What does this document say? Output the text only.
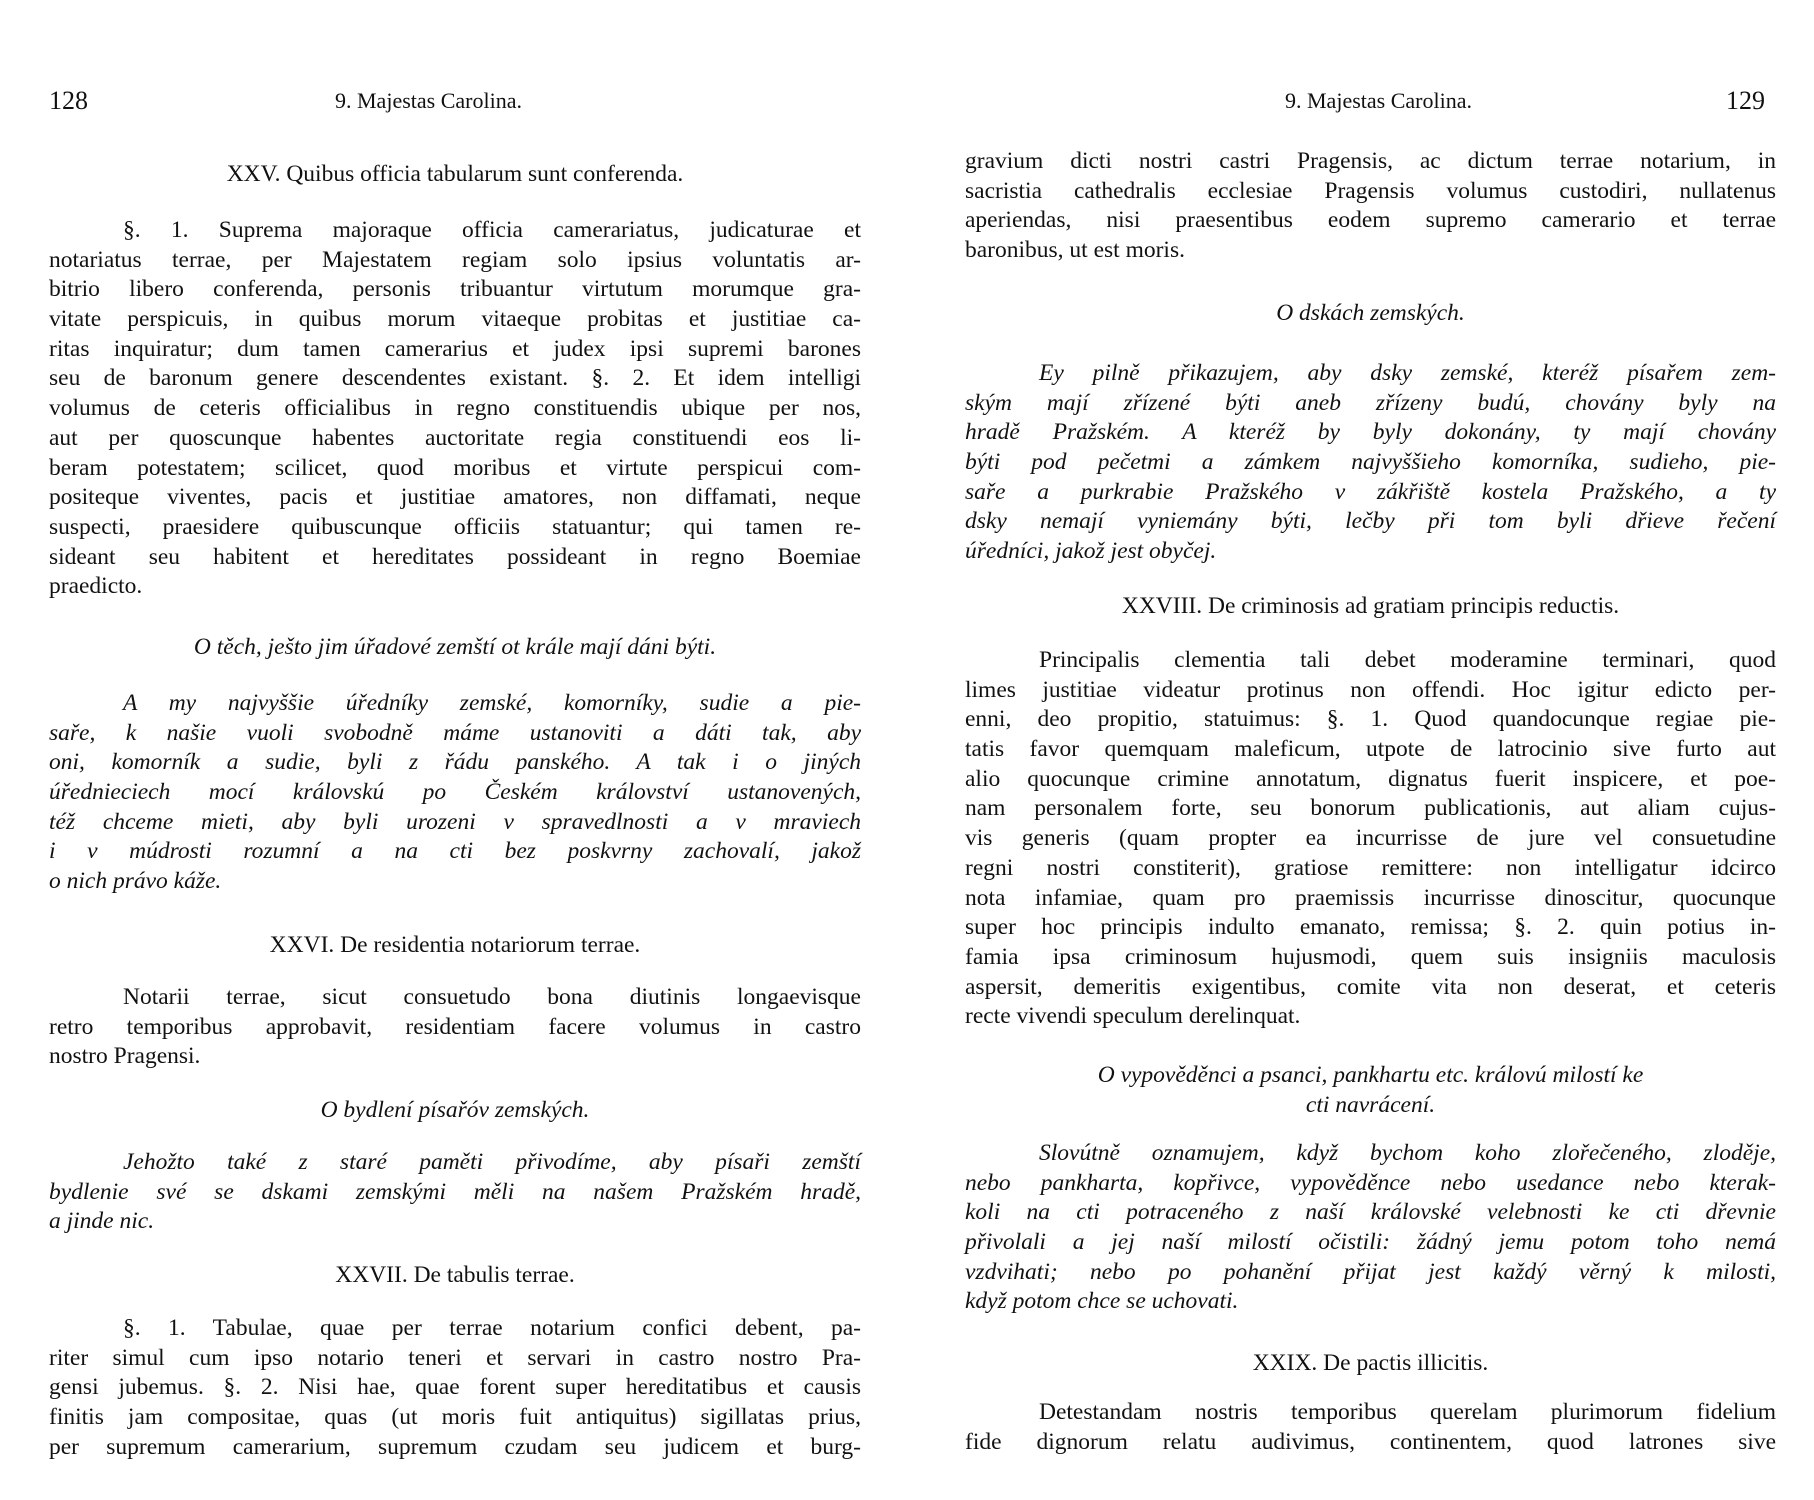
128	9. Majestas Carolina.
XXV. Quibus officia tabularum sunt conferenda.
§. 1. Suprema majoraque officia camerariatus, judicaturae et
notariatus terrae, per Majestatem regiam solo ipsius voluntatis ar-
bitrio libero conferenda, personis tribuantur virtutum morumque gra-
vitate perspicuis, in quibus morum vitaeque probitas et justitiae ca-
ritas inquiratur; dum tamen camerarius et judex ipsi supremi barones
seu de baronum genere descendentes existant. §. 2. Et idem intelligi
volumus de ceteris officialibus in regno constituendis ubique per nos,
aut per quoscunque habentes auctoritate regia constituendi eos li-
beram potestatem; scilicet, quod moribus et virtute perspicui com-
positeque viventes, pacis et justitiae amatores, non diffamati, neque
suspecti, praesidere quibuscunque officiis statuantur; qui tamen re-
sideant seu habitent et hereditates possideant in regno Boemiae
praedicto.
O těch, ješto jim úřadové zemští ot krále mají dáni býti.
A my najvyššie úředníky zemské, komorníky, sudie a pie-
saře, k našie vuoli svobodně máme ustanoviti a dáti tak, aby
oni, komorník a sudie, byli z řádu panského. A tak i o jiných
úřednieciech mocí královskú po Českém království ustanovených,
též chceme mieti, aby byli urozeni v spravedlnosti a v mraviech
i v múdrosti rozumní a na cti bez poskvrny zachovalí, jakož
o nich právo káže.
XXVI. De residentia notariorum terrae.
Notarii terrae, sicut consuetudo bona diutinis longaevisque
retro temporibus approbavit, residentiam facere volumus in castro
nostro Pragensi.
O bydlení písařóv zemských.
Jehožto také z staré paměti přivodíme, aby písaři zemští
bydlenie své se dskami zemskými měli na našem Pražském hradě,
a jinde nic.
XXVII. De tabulis terrae.
§. 1. Tabulae, quae per terrae notarium confici debent, pa-
riter simul cum ipso notario teneri et servari in castro nostro Pra-
gensi jubemus. §. 2. Nisi hae, quae forent super hereditatibus et causis
finitis jam compositae, quas (ut moris fuit antiquitus) sigillatas prius,
per supremum camerarium, supremum czudam seu judicem et burg-
9. Majestas Carolina.	129
gravium dicti nostri castri Pragensis, ac dictum terrae notarium, in
sacristia cathedralis ecclesiae Pragensis volumus custodiri, nullatenus
aperiendas, nisi praesentibus eodem supremo camerario et terrae
baronibus, ut est moris.
O dskách zemských.
Ey pilně přikazujem, aby dsky zemské, kteréž písařem zem-
ským mají zřízené býti aneb zřízeny budú, chovány byly na
hradě Pražském. A kteréž by byly dokonány, ty mají chovány
býti pod pečetmi a zámkem najvyššieho komorníka, sudieho, pie-
saře a purkrabie Pražského v zákřiště kostela Pražského, a ty
dsky nemají vyniemány býti, lečby při tom byli dřieve řečení
úředníci, jakož jest obyčej.
XXVIII. De criminosis ad gratiam principis reductis.
Principalis clementia tali debet moderamine terminari, quod
limes justitiae videatur protinus non offendi. Hoc igitur edicto per-
enni, deo propitio, statuimus: §. 1. Quod quandocunque regiae pie-
tatis favor quemquam maleficum, utpote de latrocinio sive furto aut
alio quocunque crimine annotatum, dignatus fuerit inspicere, et poe-
nam personalem forte, seu bonorum publicationis, aut aliam cujus-
vis generis (quam propter ea incurrisse de jure vel consuetudine
regni nostri constiterit), gratiose remittere: non intelligatur idcirco
nota infamiae, quam pro praemissis incurrisse dinoscitur, quocunque
super hoc principis indulto emanato, remissa; §. 2. quin potius in-
famia ipsa criminosum hujusmodi, quem suis insigniis maculosis
aspersit, demeritis exigentibus, comite vita non deserat, et ceteris
recte vivendi speculum derelinquat.
O vypověděnci a psanci, pankhartu etc. královú milostí ke
cti navrácení.
Slovútně oznamujem, když bychom koho zlořečeného, zloděje,
nebo pankharta, kopřivce, vypověděnce nebo usedance nebo kterak-
koli na cti potraceného z naší královské velebnosti ke cti dřevnie
přivolali a jej naší milostí očistili: žádný jemu potom toho nemá
vzdvihati; nebo po pohanění přijat jest každý věrný k milosti,
když potom chce se uchovati.
XXIX. De pactis illicitis.
Detestandam nostris temporibus querelam plurimorum fidelium
fide dignorum relatu audivimus, continentem, quod latrones sive
